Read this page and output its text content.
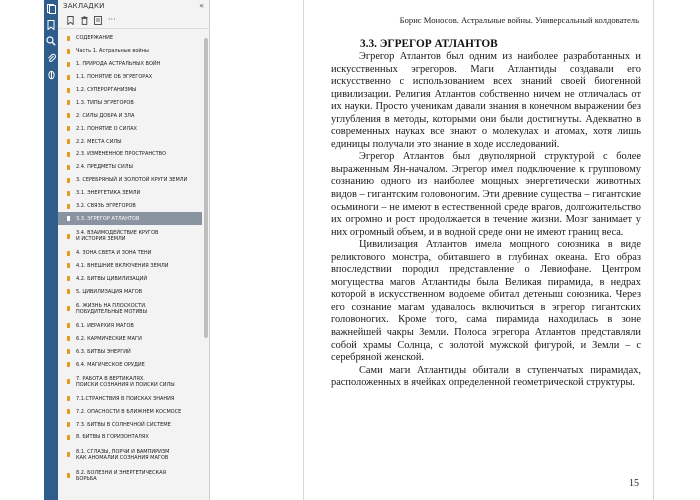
ЗАКЛАДКИ	«
···
СОДЕРЖАНИЕ
Часть 1. Астральные войны
1. ПРИРОДА АСТРАЛЬНЫХ ВОЙН
1.1. ПОНЯТИЕ ОБ ЭГРЕГОРАХ
1.2. СУПЕРОРГАНИЗМЫ
1.3. ТИПЫ ЭГРЕГОРОВ
2. СИЛЫ ДОБРА И ЗЛА
2.1. ПОНЯТИЕ О СИЛАХ
2.2. МЕСТА СИЛЫ
2.3. ИЗМЕНЕННОЕ ПРОСТРАНСТВО
2.4. ПРЕДМЕТЫ СИЛЫ
3. СЕРЕБРЯНЫЙ И ЗОЛОТОЙ КРУГИ ЗЕМЛИ
3.1. ЭНЕРГЕТИКА ЗЕМЛИ
3.2. СВЯЗЬ ЭГРЕГОРОВ
3.3. ЭГРЕГОР АТЛАНТОВ
3.4. ВЗАИМОДЕЙСТВИЕ КРУГОВ
И ИСТОРИЯ ЗЕМЛИ
4. ЗОНА СВЕТА И ЗОНА ТЕНИ
4.1. ВНЕШНИЕ ВКЛЮЧЕНИЯ ЗЕМЛИ
4.2. БИТВЫ ЦИВИЛИЗАЦИЙ
5. ЦИВИЛИЗАЦИЯ МАГОВ
6. ЖИЗНЬ НА ПЛОСКОСТИ.
ПОБУДИТЕЛЬНЫЕ МОТИВЫ
6.1. ИЕРАРХИЯ МАГОВ
6.2. КАРМИЧЕСКИЕ МАГИ
6.3. БИТВЫ ЭНЕРГИЙ
6.4. МАГИЧЕСКОЕ ОРУДИЕ
7. РАБОТА В ВЕРТИКАЛЯХ.
ПОИСКИ СОЗНАНИЯ И ПОИСКИ СИЛЫ
7.1.СТРАНСТВИЯ В ПОИСКАХ ЗНАНИЯ
7.2. ОПАСНОСТИ В БЛИЖНЕМ КОСМОСЕ
7.3. БИТВЫ В СОЛНЕЧНОЙ СИСТЕМЕ
8. БИТВЫ В ГОРИЗОНТАЛЯХ
8.1. СГЛАЗЫ, ПОРЧИ И ВАМПИРИЗМ
КАК АНОМАЛИИ СОЗНАНИЯ МАГОВ
8.2. БОЛЕЗНИ И ЭНЕРГЕТИЧЕСКАЯ
БОРЬБА
Борис Моносов. Астральные войны. Универсальный колдователь
3.3. ЭГРЕГОР АТЛАНТОВ

Эгрегор Атлантов был одним из наиболее разработанных и искусственных эгрегоров. Маги Атлантиды создавали его искусственно с использованием всех знаний своей биогенной цивилизации. Религия Атлантов собственно ничем не отличалась от их науки. Просто ученикам давали знания в конечном выражении без углубления в методы, которыми они были достигнуты. Адекватно в современных науках все знают о молекулах и атомах, хотя лишь единицы получали это знание в ходе исследований.

Эгрегор Атлантов был двуполярной структурой с более выраженным Ян-началом. Эгрегор имел подключение к групповому сознанию одного из наиболее мощных энергетически животных видов – гигантским головоногим. Эти древние существа – гигантские осьминоги – не имеют в естественной среде врагов, долгожительство их огромно и рост продолжается в течение жизни. Мозг занимает у них огромный объем, и в водной среде они не имеют границ веса.

Цивилизация Атлантов имела мощного союзника в виде реликтового монстра, обитавшего в глубинах океана. Его образ впоследствии породил представление о Левиофане. Центром могущества магов Атлантиды была Великая пирамида, в недрах которой в искусственном водоеме обитал детеныш союзника. Через его сознание магам удавалось включиться в эгрегор гигантских головоногих. Кроме того, сама пирамида находилась в зоне важнейшей чакры Земли. Полоса эгрегора Атлантов представляли собой храмы Солнца, с золотой мужской фигурой, и Земли – с серебряной женской.

Сами маги Атлантиды обитали в ступенчатых пирамидах, расположенных в ячейках определенной геометрической структуры.

15
